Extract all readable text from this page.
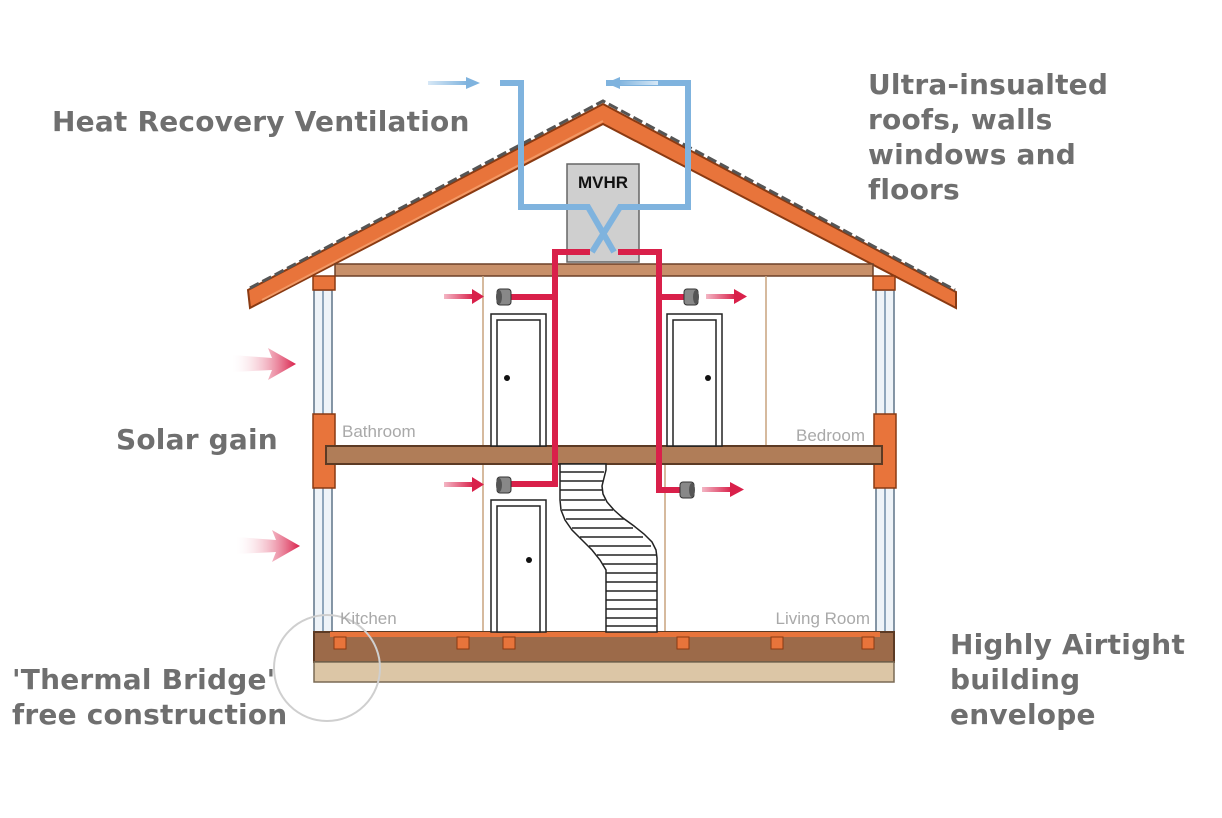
MVHR
Bathroom	Bedroom
Kitchen	Living Room
Heat Recovery Ventilation
Ultra-insualted
roofs, walls
windows and
floors
Solar gain
'Thermal Bridge'
free construction
Highly Airtight
building
envelope
